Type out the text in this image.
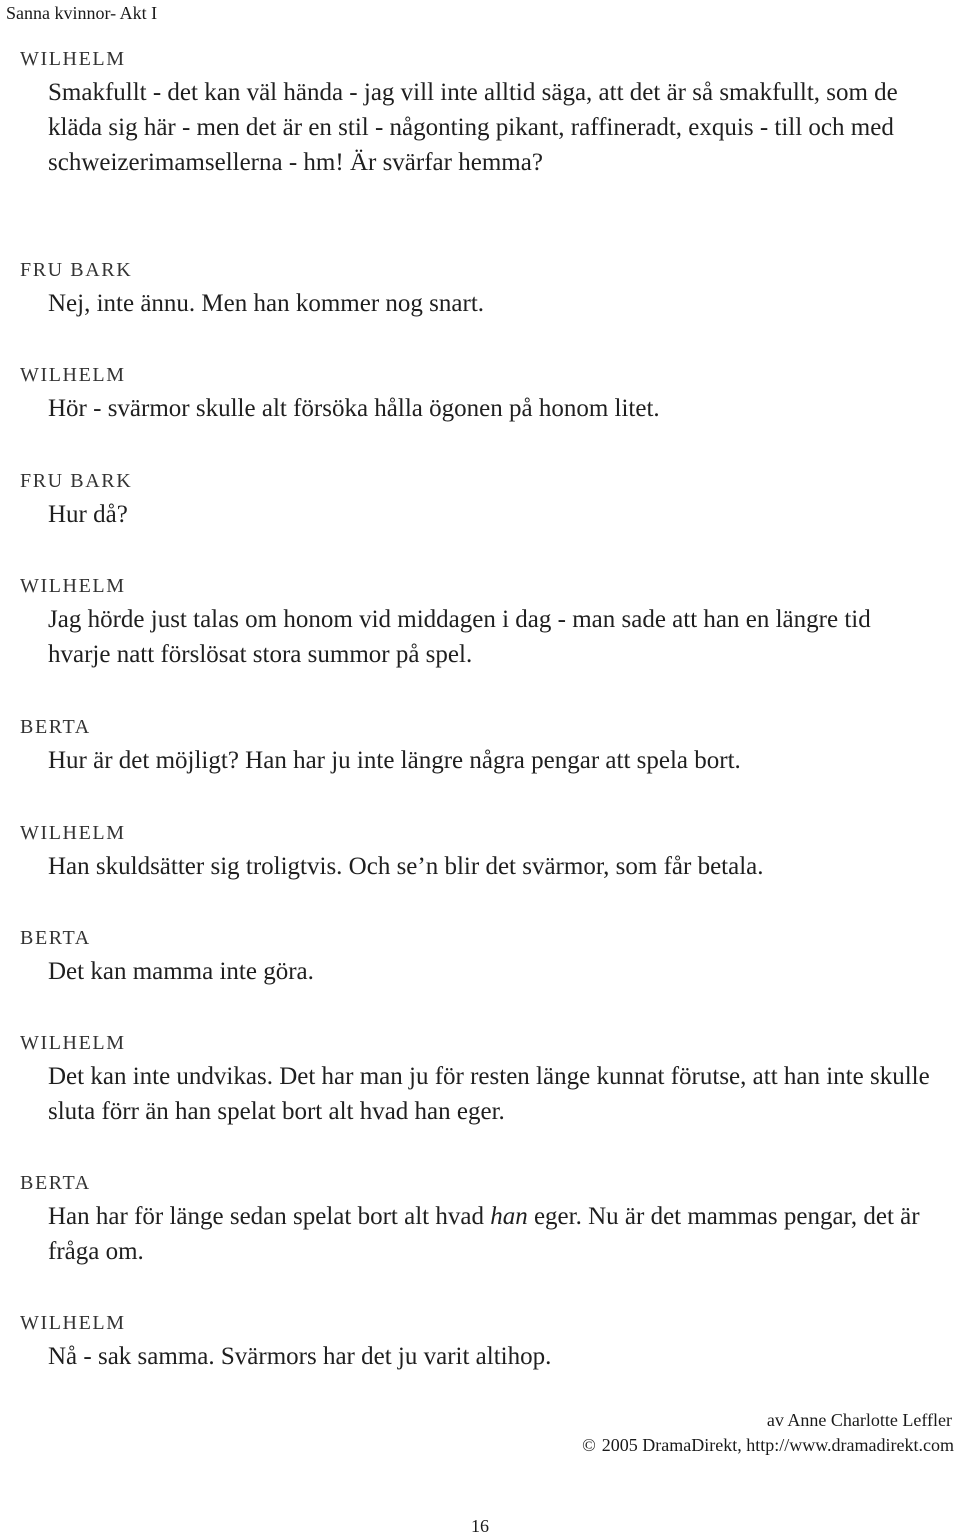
Sanna kvinnor- Akt I
WILHELM

Smakfullt - det kan väl hända - jag vill inte alltid säga, att det är så smakfullt, som de kläda sig här - men det är en stil - någonting pikant, raffineradt, exquis - till och med schweizerimamsellerna - hm! Är svärfar hemma?

FRU BARK

Nej, inte ännu. Men han kommer nog snart.

WILHELM

Hör - svärmor skulle alt försöka hålla ögonen på honom litet.

FRU BARK

Hur då?

WILHELM

Jag hörde just talas om honom vid middagen i dag - man sade att han en längre tid hvarje natt förslösat stora summor på spel.

BERTA

Hur är det möjligt? Han har ju inte längre några pengar att spela bort.

WILHELM

Han skuldsätter sig troligtvis. Och se’n blir det svärmor, som får betala.

BERTA

Det kan mamma inte göra.

WILHELM

Det kan inte undvikas. Det har man ju för resten länge kunnat förutse, att han inte skulle sluta förr än han spelat bort alt hvad han eger.

BERTA

Han har för länge sedan spelat bort alt hvad han eger. Nu är det mammas pengar, det är fråga om.

WILHELM

Nå - sak samma. Svärmors har det ju varit altihop.

av Anne Charlotte Leffler
© 2005 DramaDirekt, http://www.dramadirekt.com
16
